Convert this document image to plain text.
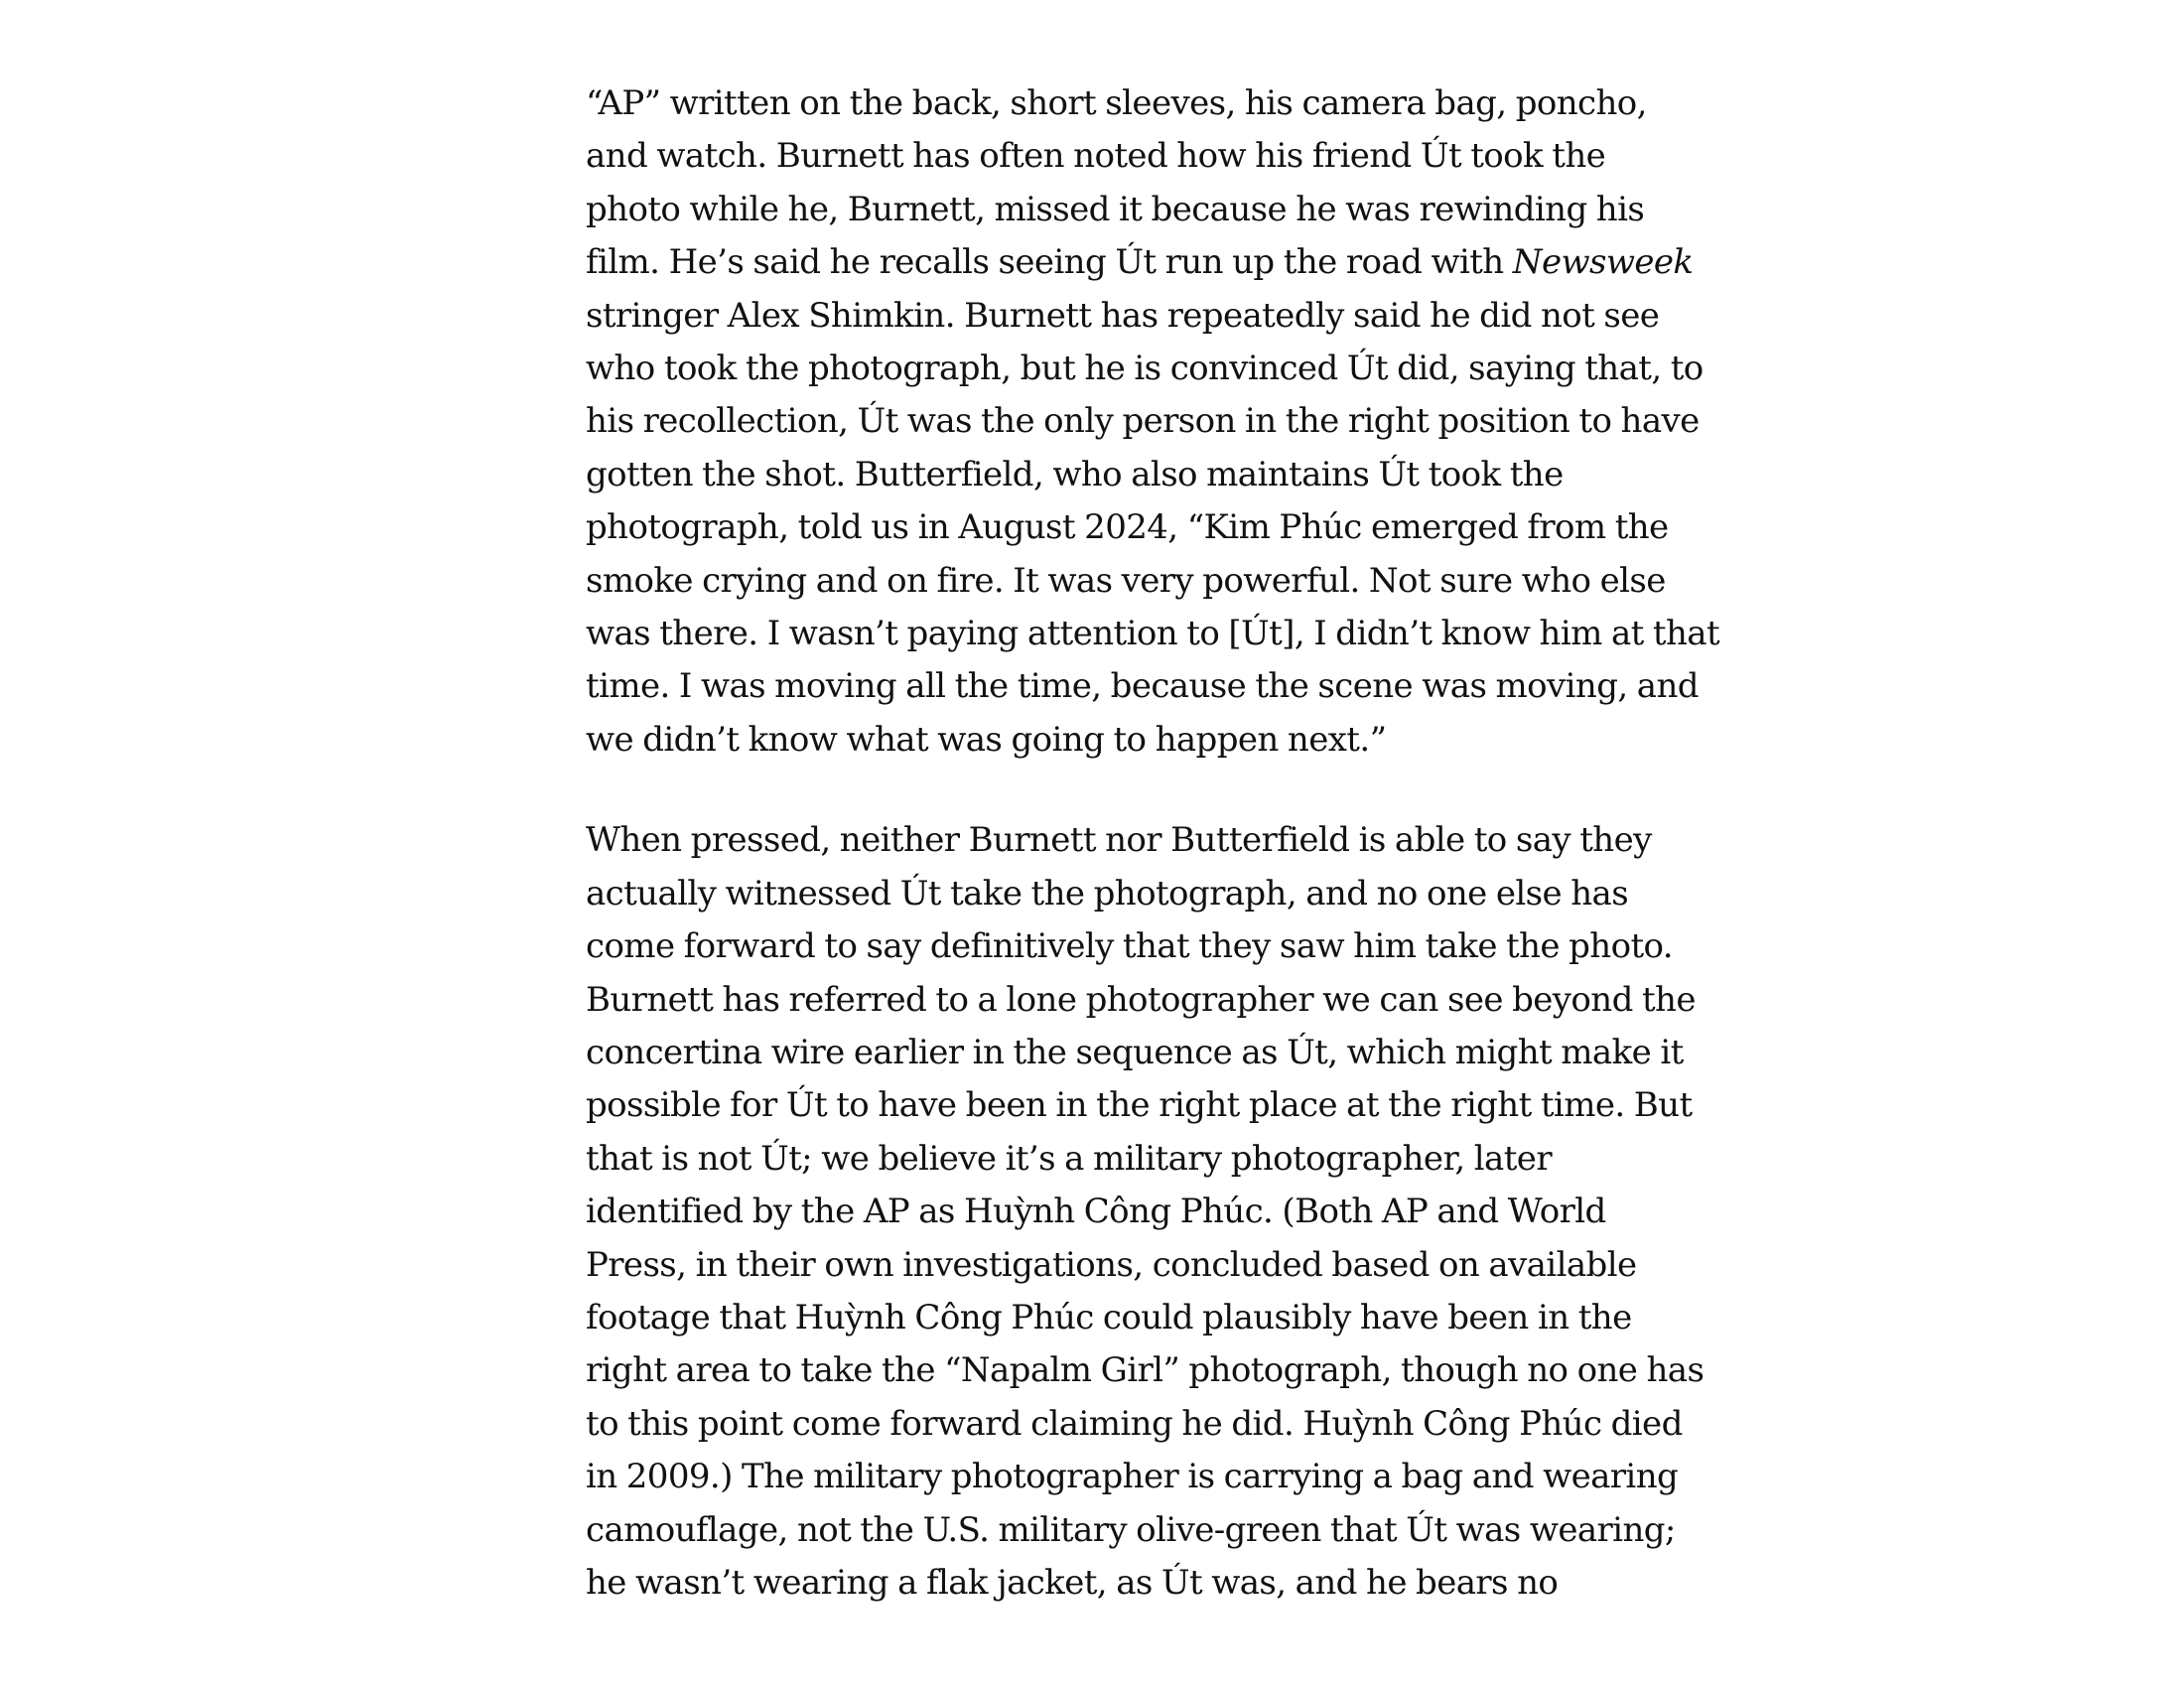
“AP” written on the back, short sleeves, his camera bag, poncho,
and watch. Burnett has often noted how his friend Út took the
photo while he, Burnett, missed it because he was rewinding his
film. He’s said he recalls seeing Út run up the road with Newsweek
stringer Alex Shimkin. Burnett has repeatedly said he did not see
who took the photograph, but he is convinced Út did, saying that, to
his recollection, Út was the only person in the right position to have
gotten the shot. Butterfield, who also maintains Út took the
photograph, told us in August 2024, “Kim Phúc emerged from the
smoke crying and on fire. It was very powerful. Not sure who else
was there. I wasn’t paying attention to [Út], I didn’t know him at that
time. I was moving all the time, because the scene was moving, and
we didn’t know what was going to happen next.”

When pressed, neither Burnett nor Butterfield is able to say they
actually witnessed Út take the photograph, and no one else has
come forward to say definitively that they saw him take the photo.
Burnett has referred to a lone photographer we can see beyond the
concertina wire earlier in the sequence as Út, which might make it
possible for Út to have been in the right place at the right time. But
that is not Út; we believe it’s a military photographer, later
identified by the AP as Huỳnh Công Phúc. (Both AP and World
Press, in their own investigations, concluded based on available
footage that Huỳnh Công Phúc could plausibly have been in the
right area to take the “Napalm Girl” photograph, though no one has
to this point come forward claiming he did. Huỳnh Công Phúc died
in 2009.) The military photographer is carrying a bag and wearing
camouflage, not the U.S. military olive-green that Út was wearing;
he wasn’t wearing a flak jacket, as Út was, and he bears no
